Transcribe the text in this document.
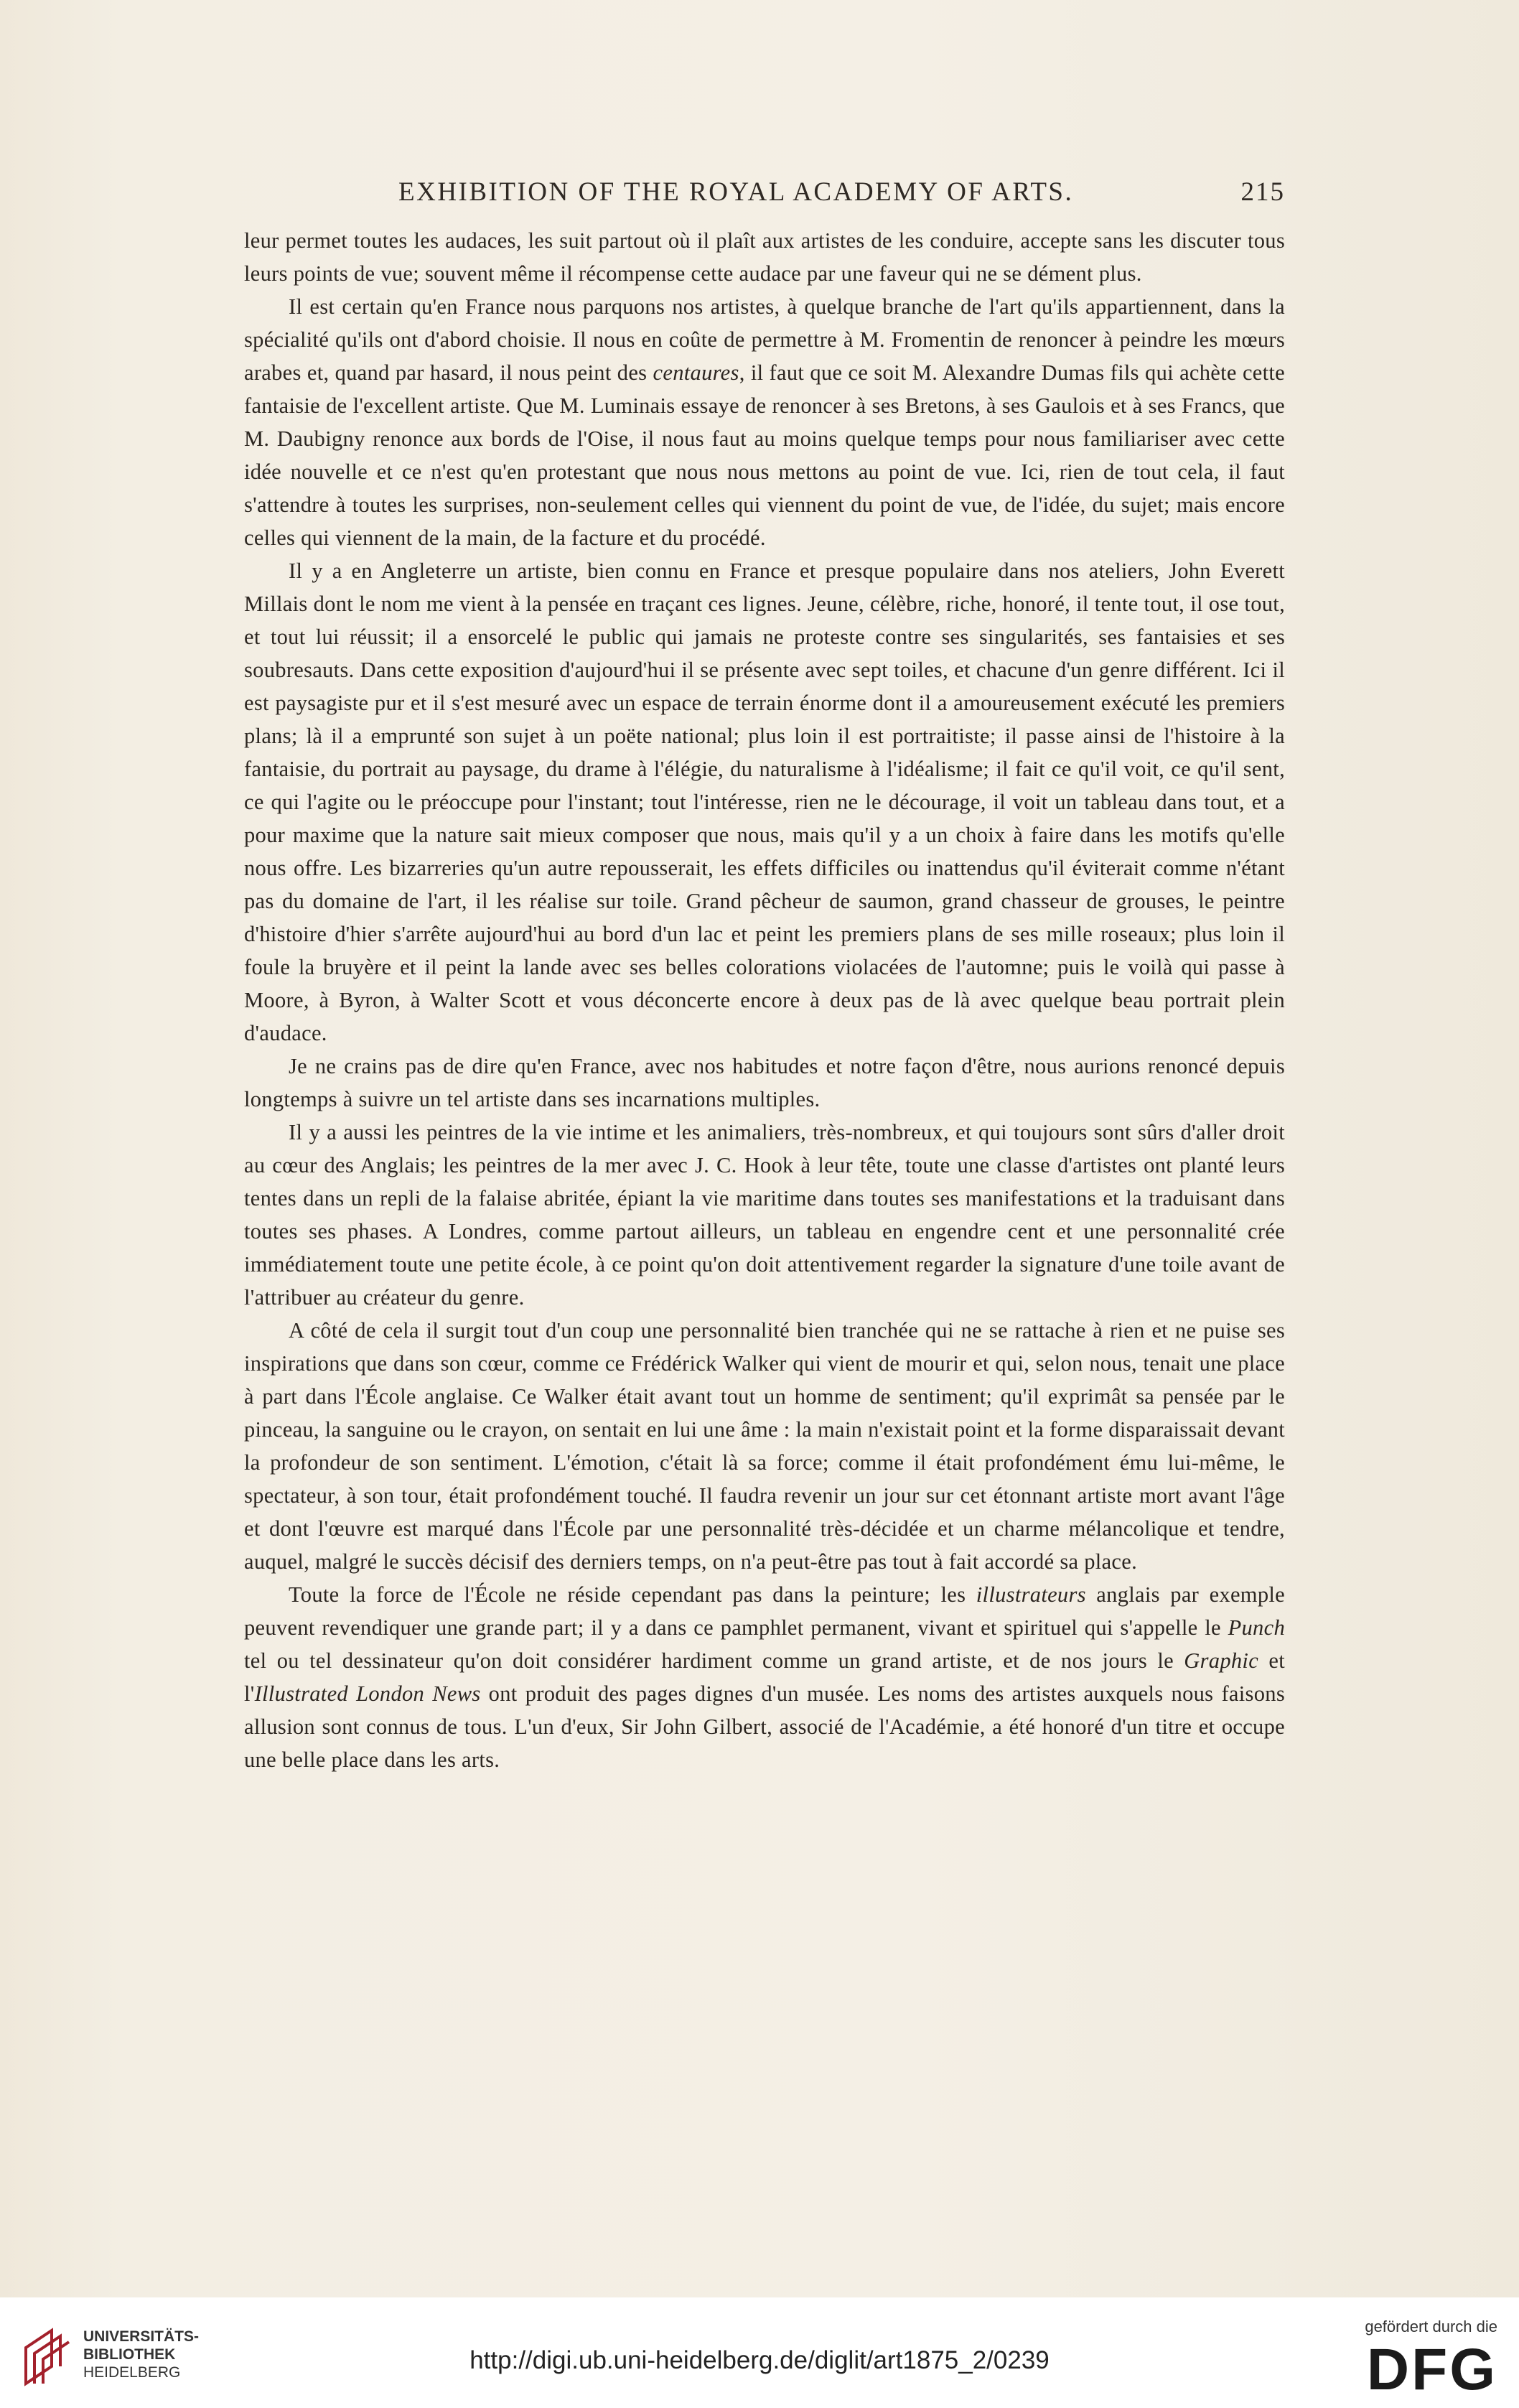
EXHIBITION OF THE ROYAL ACADEMY OF ARTS.	215

leur permet toutes les audaces, les suit partout où il plaît aux artistes de les conduire, accepte sans les discuter tous leurs points de vue; souvent même il récompense cette audace par une faveur qui ne se dément plus.

Il est certain qu'en France nous parquons nos artistes, à quelque branche de l'art qu'ils appartiennent, dans la spécialité qu'ils ont d'abord choisie. Il nous en coûte de permettre à M. Fromentin de renoncer à peindre les mœurs arabes et, quand par hasard, il nous peint des centaures, il faut que ce soit M. Alexandre Dumas fils qui achète cette fantaisie de l'excellent artiste. Que M. Luminais essaye de renoncer à ses Bretons, à ses Gaulois et à ses Francs, que M. Daubigny renonce aux bords de l'Oise, il nous faut au moins quelque temps pour nous familiariser avec cette idée nouvelle et ce n'est qu'en protestant que nous nous mettons au point de vue. Ici, rien de tout cela, il faut s'attendre à toutes les surprises, non-seulement celles qui viennent du point de vue, de l'idée, du sujet; mais encore celles qui viennent de la main, de la facture et du procédé.

Il y a en Angleterre un artiste, bien connu en France et presque populaire dans nos ateliers, John Everett Millais dont le nom me vient à la pensée en traçant ces lignes. Jeune, célèbre, riche, honoré, il tente tout, il ose tout, et tout lui réussit; il a ensorcelé le public qui jamais ne proteste contre ses singularités, ses fantaisies et ses soubresauts. Dans cette exposition d'aujourd'hui il se présente avec sept toiles, et chacune d'un genre différent. Ici il est paysagiste pur et il s'est mesuré avec un espace de terrain énorme dont il a amoureusement exécuté les premiers plans; là il a emprunté son sujet à un poëte national; plus loin il est portraitiste; il passe ainsi de l'histoire à la fantaisie, du portrait au paysage, du drame à l'élégie, du naturalisme à l'idéalisme; il fait ce qu'il voit, ce qu'il sent, ce qui l'agite ou le préoccupe pour l'instant; tout l'intéresse, rien ne le décourage, il voit un tableau dans tout, et a pour maxime que la nature sait mieux composer que nous, mais qu'il y a un choix à faire dans les motifs qu'elle nous offre. Les bizarreries qu'un autre repousserait, les effets difficiles ou inattendus qu'il éviterait comme n'étant pas du domaine de l'art, il les réalise sur toile. Grand pêcheur de saumon, grand chasseur de grouses, le peintre d'histoire d'hier s'arrête aujourd'hui au bord d'un lac et peint les premiers plans de ses mille roseaux; plus loin il foule la bruyère et il peint la lande avec ses belles colorations violacées de l'automne; puis le voilà qui passe à Moore, à Byron, à Walter Scott et vous déconcerte encore à deux pas de là avec quelque beau portrait plein d'audace.

Je ne crains pas de dire qu'en France, avec nos habitudes et notre façon d'être, nous aurions renoncé depuis longtemps à suivre un tel artiste dans ses incarnations multiples.

Il y a aussi les peintres de la vie intime et les animaliers, très-nombreux, et qui toujours sont sûrs d'aller droit au cœur des Anglais; les peintres de la mer avec J. C. Hook à leur tête, toute une classe d'artistes ont planté leurs tentes dans un repli de la falaise abritée, épiant la vie maritime dans toutes ses manifestations et la traduisant dans toutes ses phases. A Londres, comme partout ailleurs, un tableau en engendre cent et une personnalité crée immédiatement toute une petite école, à ce point qu'on doit attentivement regarder la signature d'une toile avant de l'attribuer au créateur du genre.

A côté de cela il surgit tout d'un coup une personnalité bien tranchée qui ne se rattache à rien et ne puise ses inspirations que dans son cœur, comme ce Frédérick Walker qui vient de mourir et qui, selon nous, tenait une place à part dans l'École anglaise. Ce Walker était avant tout un homme de sentiment; qu'il exprimât sa pensée par le pinceau, la sanguine ou le crayon, on sentait en lui une âme : la main n'existait point et la forme disparaissait devant la profondeur de son sentiment. L'émotion, c'était là sa force; comme il était profondément ému lui-même, le spectateur, à son tour, était profondément touché. Il faudra revenir un jour sur cet étonnant artiste mort avant l'âge et dont l'œuvre est marqué dans l'École par une personnalité très-décidée et un charme mélancolique et tendre, auquel, malgré le succès décisif des derniers temps, on n'a peut-être pas tout à fait accordé sa place.

Toute la force de l'École ne réside cependant pas dans la peinture; les illustrateurs anglais par exemple peuvent revendiquer une grande part; il y a dans ce pamphlet permanent, vivant et spirituel qui s'appelle le Punch tel ou tel dessinateur qu'on doit considérer hardiment comme un grand artiste, et de nos jours le Graphic et l'Illustrated London News ont produit des pages dignes d'un musée. Les noms des artistes auxquels nous faisons allusion sont connus de tous. L'un d'eux, Sir John Gilbert, associé de l'Académie, a été honoré d'un titre et occupe une belle place dans les arts.

UNIVERSITÄTS-
BIBLIOTHEK
HEIDELBERG	http://digi.ub.uni-heidelberg.de/diglit/art1875_2/0239
gefördert durch die
DFG
